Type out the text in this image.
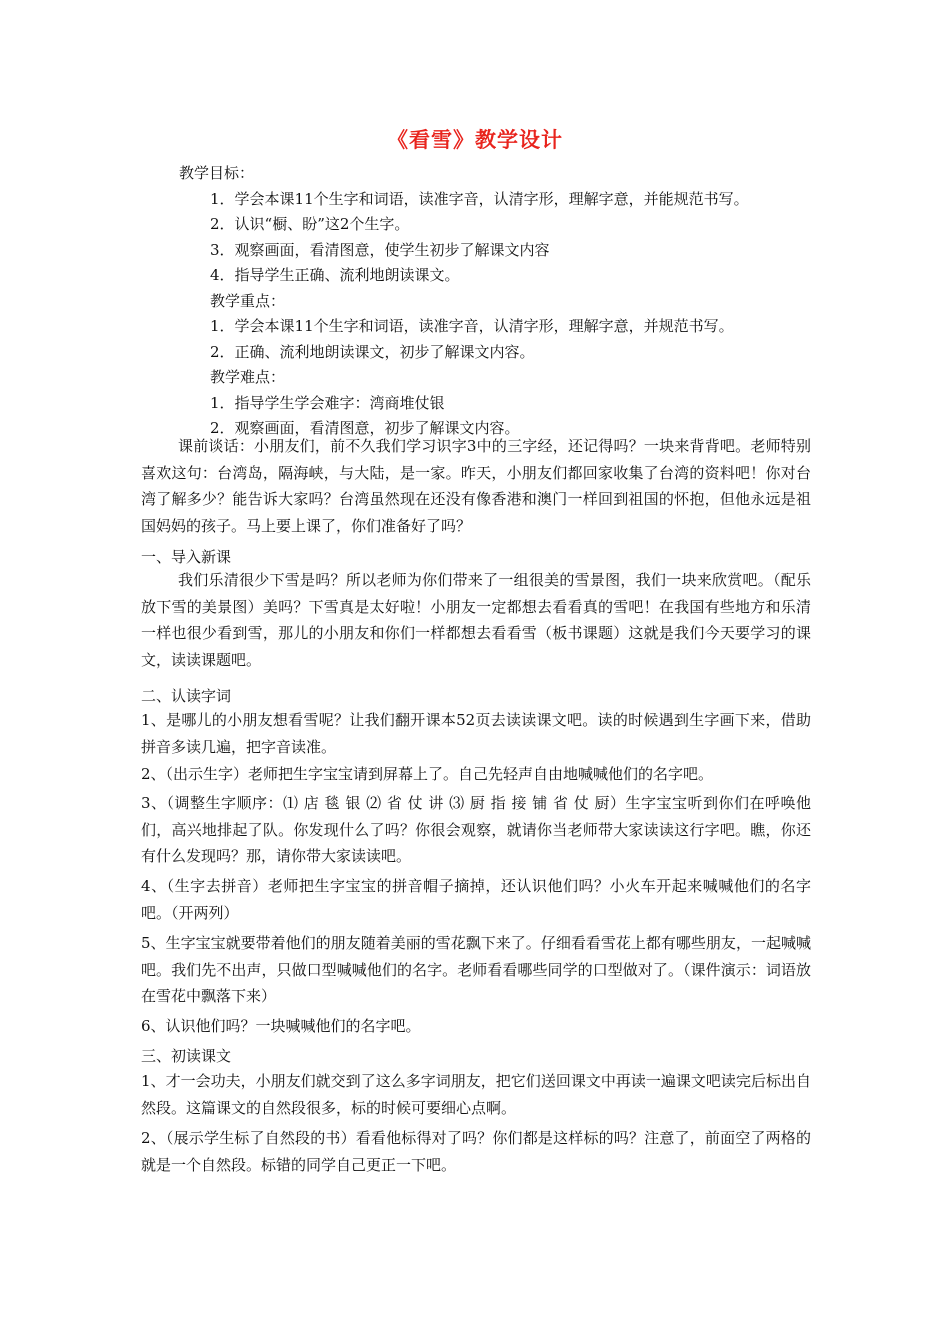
《看雪》教学设计
教学目标：
1．学会本课11个生字和词语，读准字音，认清字形，理解字意，并能规范书写。
2．认识“橱、盼”这2个生字。
3．观察画面，看清图意，使学生初步了解课文内容
4．指导学生正确、流利地朗读课文。
教学重点：
1．学会本课11个生字和词语，读准字音，认清字形，理解字意，并规范书写。
2．正确、流利地朗读课文，初步了解课文内容。
教学难点：
1．指导学生学会难字：湾商堆仗银
2．观察画面，看清图意，初步了解课文内容。
课前谈话：小朋友们，前不久我们学习识字3中的三字经，还记得吗？一块来背背吧。老师特别喜欢这句：台湾岛，隔海峡，与大陆，是一家。昨天，小朋友们都回家收集了台湾的资料吧！你对台湾了解多少？能告诉大家吗？台湾虽然现在还没有像香港和澳门一样回到祖国的怀抱，但他永远是祖国妈妈的孩子。马上要上课了，你们准备好了吗？
一、导入新课
我们乐清很少下雪是吗？所以老师为你们带来了一组很美的雪景图，我们一块来欣赏吧。（配乐放下雪的美景图）美吗？下雪真是太好啦！小朋友一定都想去看看真的雪吧！在我国有些地方和乐清一样也很少看到雪，那儿的小朋友和你们一样都想去看看雪（板书课题）这就是我们今天要学习的课文，读读课题吧。
二、认读字词
1、是哪儿的小朋友想看雪呢？让我们翻开课本52页去读读课文吧。读的时候遇到生字画下来，借助拼音多读几遍，把字音读准。
2、（出示生字）老师把生字宝宝请到屏幕上了。自己先轻声自由地喊喊他们的名字吧。
3、（调整生字顺序：⑴ 店 毯 银 ⑵ 省 仗 讲 ⑶ 厨 指 接 铺 省 仗 厨）生字宝宝听到你们在呼唤他们，高兴地排起了队。你发现什么了吗？你很会观察，就请你当老师带大家读读这行字吧。瞧，你还有什么发现吗？那，请你带大家读读吧。
4、（生字去拼音）老师把生字宝宝的拼音帽子摘掉，还认识他们吗？小火车开起来喊喊他们的名字吧。（开两列）
5、生字宝宝就要带着他们的朋友随着美丽的雪花飘下来了。仔细看看雪花上都有哪些朋友，一起喊喊吧。我们先不出声，只做口型喊喊他们的名字。老师看看哪些同学的口型做对了。（课件演示：词语放在雪花中飘落下来）
6、认识他们吗？一块喊喊他们的名字吧。
三、初读课文
1、才一会功夫，小朋友们就交到了这么多字词朋友，把它们送回课文中再读一遍课文吧读完后标出自然段。这篇课文的自然段很多，标的时候可要细心点啊。
2、（展示学生标了自然段的书）看看他标得对了吗？你们都是这样标的吗？注意了，前面空了两格的就是一个自然段。标错的同学自己更正一下吧。
